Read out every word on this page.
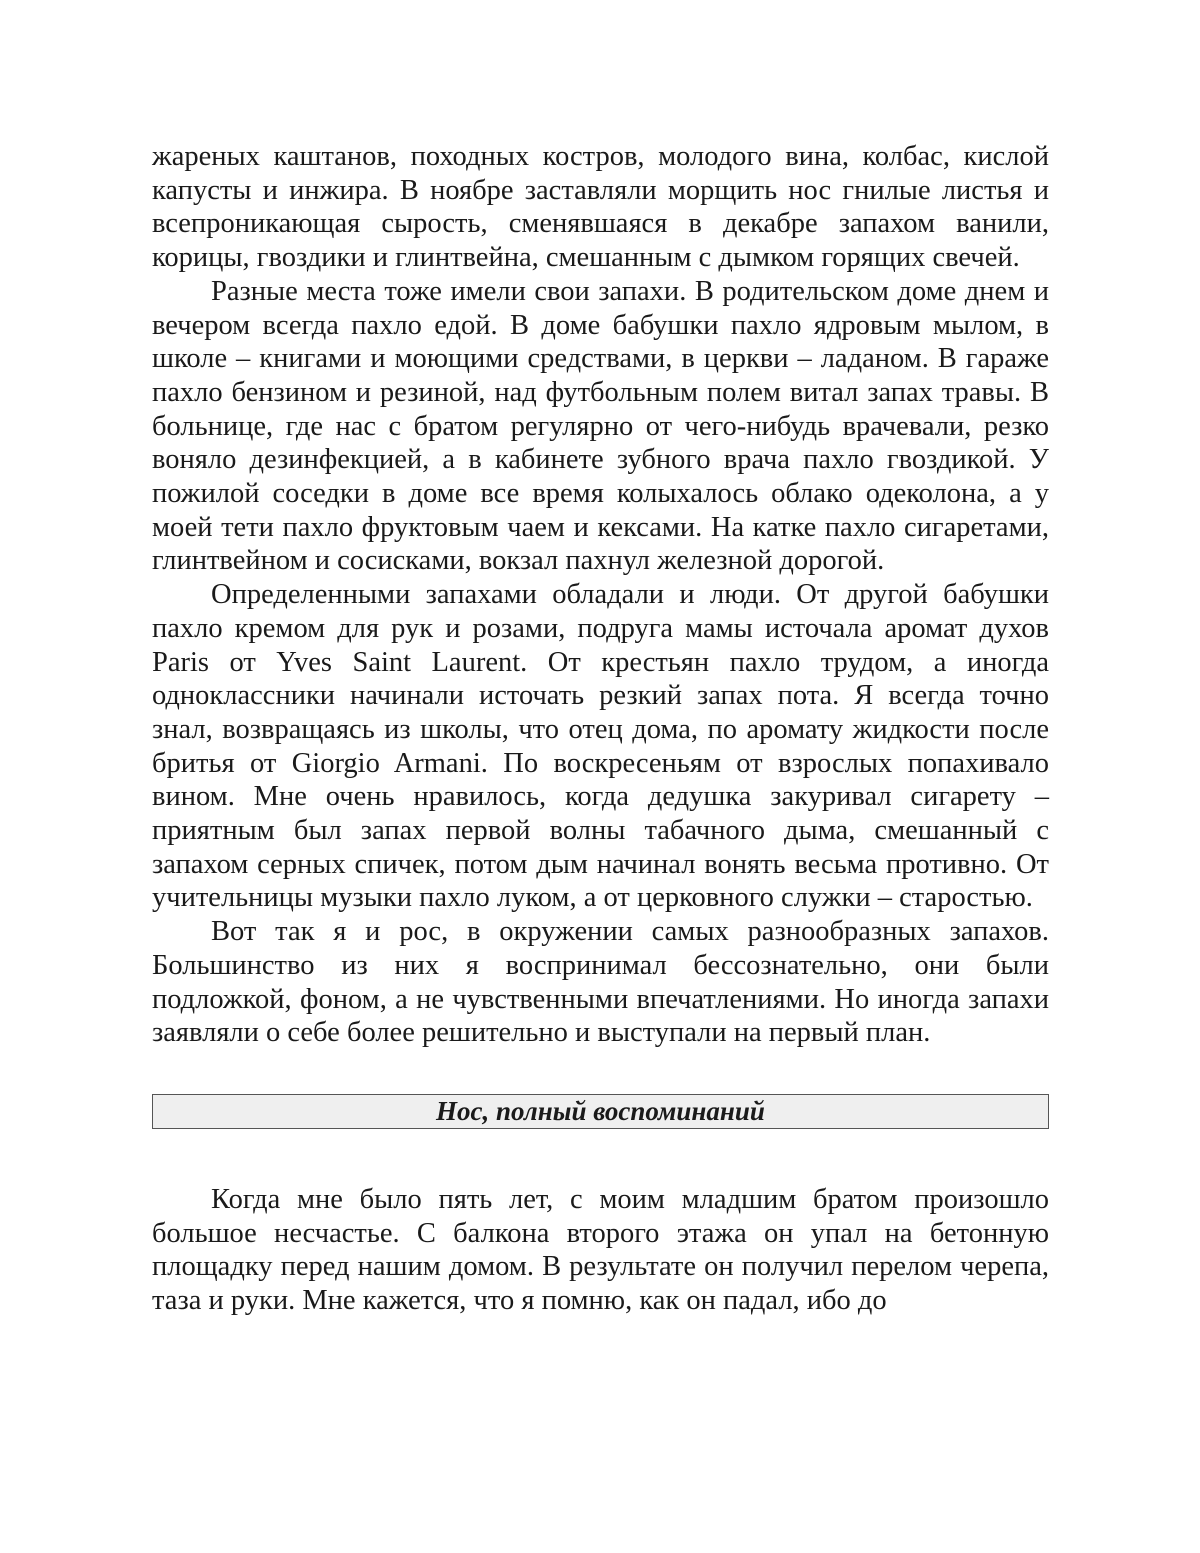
жареных каштанов, походных костров, молодого вина, колбас, кислой капусты и инжира. В ноябре заставляли морщить нос гнилые листья и всепроникающая сырость, сменявшаяся в декабре запахом ванили, корицы, гвоздики и глинтвейна, смешанным с дымком горящих свечей.

Разные места тоже имели свои запахи. В родительском доме днем и вечером всегда пахло едой. В доме бабушки пахло ядровым мылом, в школе – книгами и моющими средствами, в церкви – ладаном. В гараже пахло бензином и резиной, над футбольным полем витал запах травы. В больнице, где нас с братом регулярно от чего-нибудь врачевали, резко воняло дезинфекцией, а в кабинете зубного врача пахло гвоздикой. У пожилой соседки в доме все время колыхалось облако одеколона, а у моей тети пахло фруктовым чаем и кексами. На катке пахло сигаретами, глинтвейном и сосисками, вокзал пахнул железной дорогой.

Определенными запахами обладали и люди. От другой бабушки пахло кремом для рук и розами, подруга мамы источала аромат духов Paris от Yves Saint Laurent. От крестьян пахло трудом, а иногда одноклассники начинали источать резкий запах пота. Я всегда точно знал, возвращаясь из школы, что отец дома, по аромату жидкости после бритья от Giorgio Armani. По воскресеньям от взрослых попахивало вином. Мне очень нравилось, когда дедушка закуривал сигарету – приятным был запах первой волны табачного дыма, смешанный с запахом серных спичек, потом дым начинал вонять весьма противно. От учительницы музыки пахло луком, а от церковного служки – старостью.

Вот так я и рос, в окружении самых разнообразных запахов. Большинство из них я воспринимал бессознательно, они были подложкой, фоном, а не чувственными впечатлениями. Но иногда запахи заявляли о себе более решительно и выступали на первый план.

Нос, полный воспоминаний

Когда мне было пять лет, с моим младшим братом произошло большое несчастье. С балкона второго этажа он упал на бетонную площадку перед нашим домом. В результате он получил перелом черепа, таза и руки. Мне кажется, что я помню, как он падал, ибо до
